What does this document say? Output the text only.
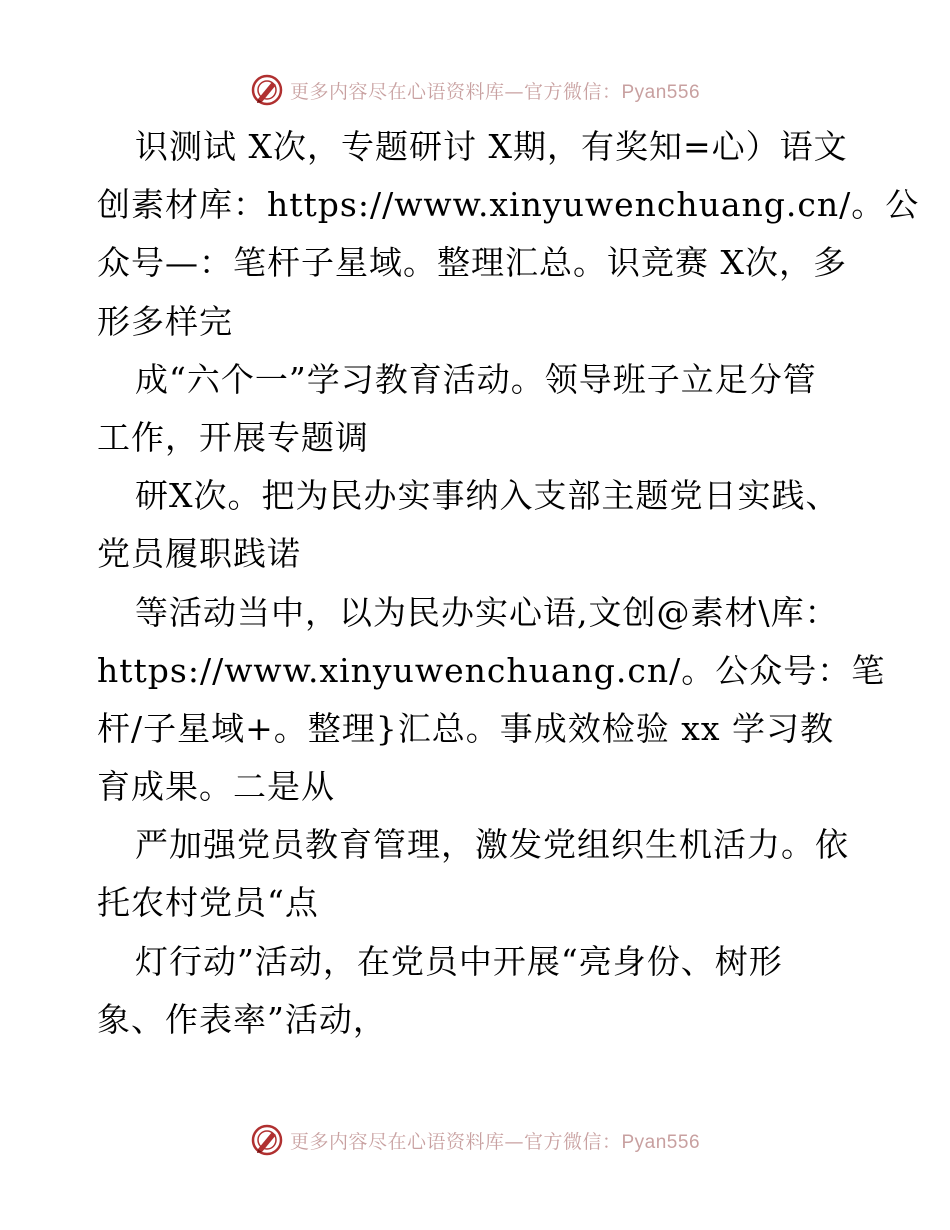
更多内容尽在心语资料库—官方微信：Pyan556
识测试 X次，专题研讨 X期，有奖知=心）语文
创素材库：https://www.xinyuwenchuang.cn/。公
众号—：笔杆子星域。整理汇总。识竞赛 X次，多
形多样完
成“六个一”学习教育活动。领导班子立足分管
工作，开展专题调
研X次。把为民办实事纳入支部主题党日实践、
党员履职践诺
等活动当中，以为民办实心语,文创@素材\库：
https://www.xinyuwenchuang.cn/。公众号：笔
杆/子星域+。整理}汇总。事成效检验 xx 学习教
育成果。二是从
严加强党员教育管理，激发党组织生机活力。依
托农村党员“点
灯行动”活动，在党员中开展“亮身份、树形
象、作表率”活动，
更多内容尽在心语资料库—官方微信：Pyan556
